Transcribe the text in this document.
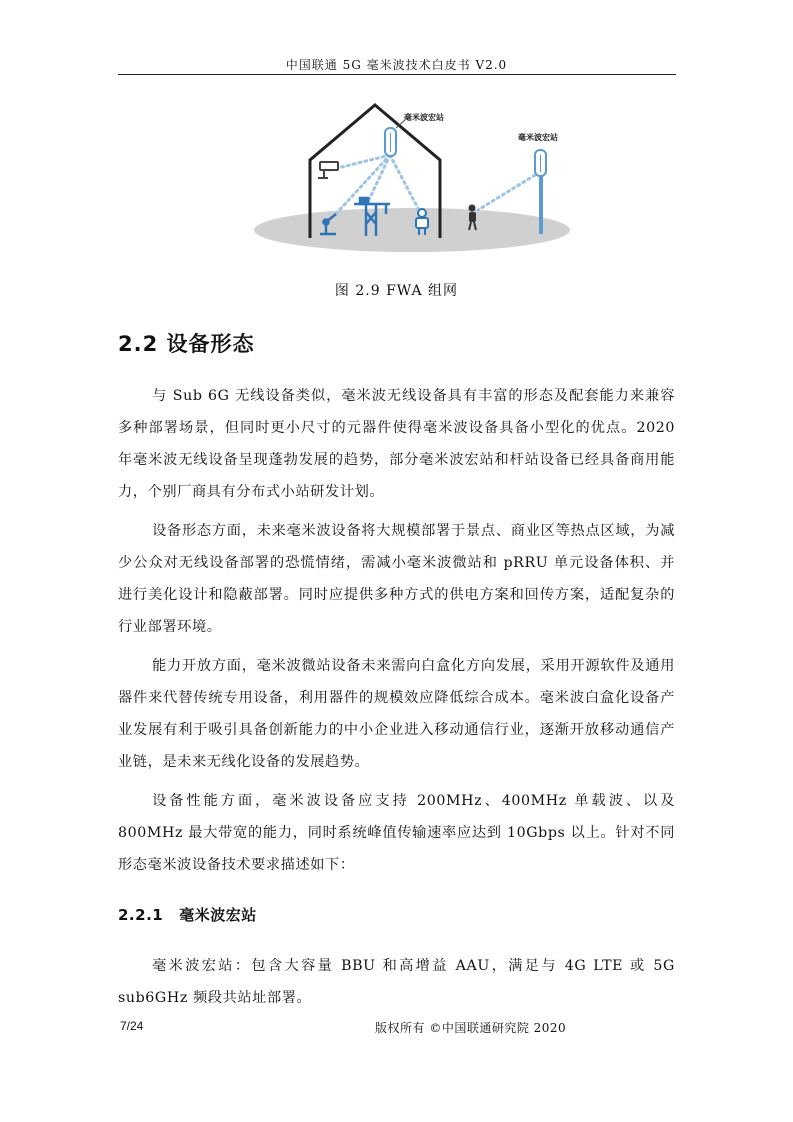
中国联通 5G 毫米波技术白皮书 V2.0
毫米波宏站
毫米波宏站
图 2.9 FWA 组网
2.2 设备形态

与 Sub 6G 无线设备类似，毫米波无线设备具有丰富的形态及配套能力来兼容多种部署场景，但同时更小尺寸的元器件使得毫米波设备具备小型化的优点。2020 年毫米波无线设备呈现蓬勃发展的趋势，部分毫米波宏站和杆站设备已经具备商用能力，个别厂商具有分布式小站研发计划。

设备形态方面，未来毫米波设备将大规模部署于景点、商业区等热点区域，为减少公众对无线设备部署的恐慌情绪，需减小毫米波微站和 pRRU 单元设备体积、并进行美化设计和隐蔽部署。同时应提供多种方式的供电方案和回传方案，适配复杂的行业部署环境。

能力开放方面，毫米波微站设备未来需向白盒化方向发展，采用开源软件及通用器件来代替传统专用设备，利用器件的规模效应降低综合成本。毫米波白盒化设备产业发展有利于吸引具备创新能力的中小企业进入移动通信行业，逐渐开放移动通信产业链，是未来无线化设备的发展趋势。

设备性能方面，毫米波设备应支持 200MHz、400MHz 单载波、以及 800MHz 最大带宽的能力，同时系统峰值传输速率应达到 10Gbps 以上。针对不同形态毫米波设备技术要求描述如下：

2.2.1 毫米波宏站

毫米波宏站：包含大容量 BBU 和高增益 AAU，满足与 4G LTE 或 5G sub6GHz 频段共站址部署。

7/24	版权所有 ©中国联通研究院 2020
